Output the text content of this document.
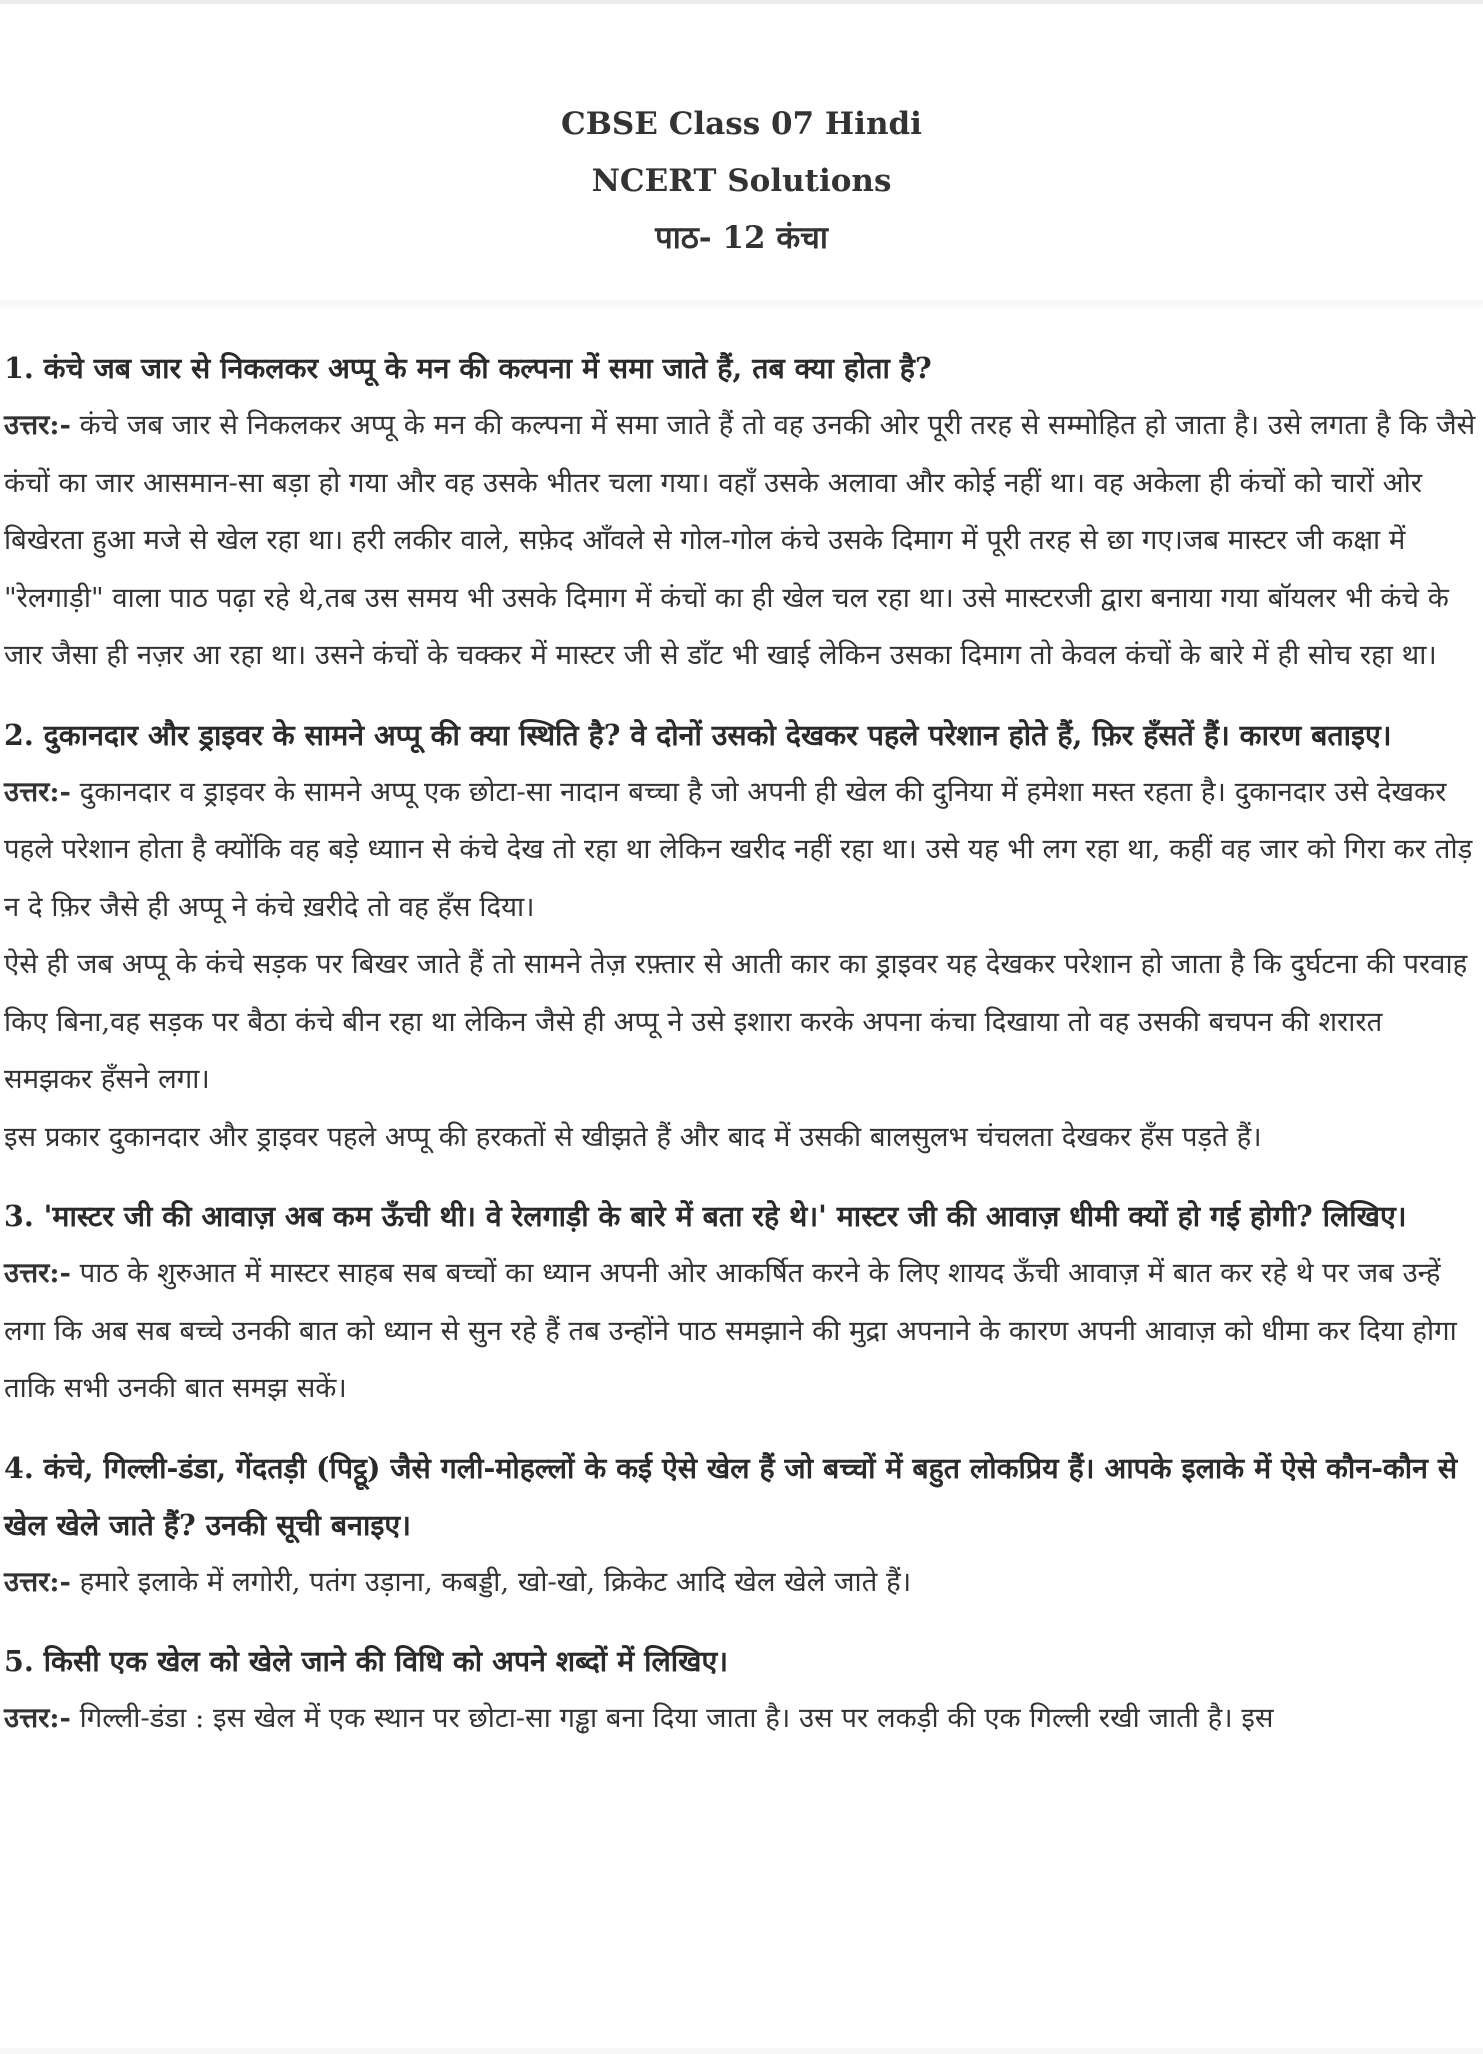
CBSE Class 07 Hindi
NCERT Solutions
पाठ- 12 कंचा

1. कंचे जब जार से निकलकर अप्पू के मन की कल्पना में समा जाते हैं, तब क्या होता है?

उत्तर:- कंचे जब जार से निकलकर अप्पू के मन की कल्पना में समा जाते हैं तो वह उनकी ओर पूरी तरह से सम्मोहित हो जाता है। उसे लगता है कि जैसे कंचों का जार आसमान-सा बड़ा हो गया और वह उसके भीतर चला गया। वहाँ उसके अलावा और कोई नहीं था। वह अकेला ही कंचों को चारों ओर बिखेरता हुआ मजे से खेल रहा था। हरी लकीर वाले, सफ़ेद आँवले से गोल-गोल कंचे उसके दिमाग में पूरी तरह से छा गए।जब मास्टर जी कक्षा में "रेलगाड़ी" वाला पाठ पढ़ा रहे थे,तब उस समय भी उसके दिमाग में कंचों का ही खेल चल रहा था। उसे मास्टरजी द्वारा बनाया गया बॉयलर भी कंचे के जार जैसा ही नज़र आ रहा था। उसने कंचों के चक्कर में मास्टर जी से डाँट भी खाई लेकिन उसका दिमाग तो केवल कंचों के बारे में ही सोच रहा था।

2. दुकानदार और ड्राइवर के सामने अप्पू की क्या स्थिति है? वे दोनों उसको देखकर पहले परेशान होते हैं, फ़िर हँसतें हैं। कारण बताइए।

उत्तर:- दुकानदार व ड्राइवर के सामने अप्पू एक छोटा-सा नादान बच्चा है जो अपनी ही खेल की दुनिया में हमेशा मस्त रहता है। दुकानदार उसे देखकर पहले परेशान होता है क्योंकि वह बड़े ध्याान से कंचे देख तो रहा था लेकिन खरीद नहीं रहा था। उसे यह भी लग रहा था, कहीं वह जार को गिरा कर तोड़ न दे फ़िर जैसे ही अप्पू ने कंचे ख़रीदे तो वह हँस दिया।

ऐसे ही जब अप्पू के कंचे सड़क पर बिखर जाते हैं तो सामने तेज़ रफ़्तार से आती कार का ड्राइवर यह देखकर परेशान हो जाता है कि दुर्घटना की परवाह किए बिना,वह सड़क पर बैठा कंचे बीन रहा था लेकिन जैसे ही अप्पू ने उसे इशारा करके अपना कंचा दिखाया तो वह उसकी बचपन की शरारत समझकर हँसने लगा।

इस प्रकार दुकानदार और ड्राइवर पहले अप्पू की हरकतों से खीझते हैं और बाद में उसकी बालसुलभ चंचलता देखकर हँस पड़ते हैं।

3. 'मास्टर जी की आवाज़ अब कम ऊँची थी। वे रेलगाड़ी के बारे में बता रहे थे।' मास्टर जी की आवाज़ धीमी क्यों हो गई होगी? लिखिए।

उत्तर:- पाठ के शुरुआत में मास्टर साहब सब बच्चों का ध्यान अपनी ओर आकर्षित करने के लिए शायद ऊँची आवाज़ में बात कर रहे थे पर जब उन्हें लगा कि अब सब बच्चे उनकी बात को ध्यान से सुन रहे हैं तब उन्होंने पाठ समझाने की मुद्रा अपनाने के कारण अपनी आवाज़ को धीमा कर दिया होगा ताकि सभी उनकी बात समझ सकें।

4. कंचे, गिल्ली-डंडा, गेंदतड़ी (पिट्ठू) जैसे गली-मोहल्लों के कई ऐसे खेल हैं जो बच्चों में बहुत लोकप्रिय हैं। आपके इलाके में ऐसे कौन-कौन से खेल खेले जाते हैं? उनकी सूची बनाइए।

उत्तर:- हमारे इलाके में लगोरी, पतंग उड़ाना, कबड्डी, खो-खो, क्रिकेट आदि खेल खेले जाते हैं।

5. किसी एक खेल को खेले जाने की विधि को अपने शब्दों में लिखिए।

उत्तर:- गिल्ली-डंडा : इस खेल में एक स्थान पर छोटा-सा गड्ढा बना दिया जाता है। उस पर लकड़ी की एक गिल्ली रखी जाती है। इस
